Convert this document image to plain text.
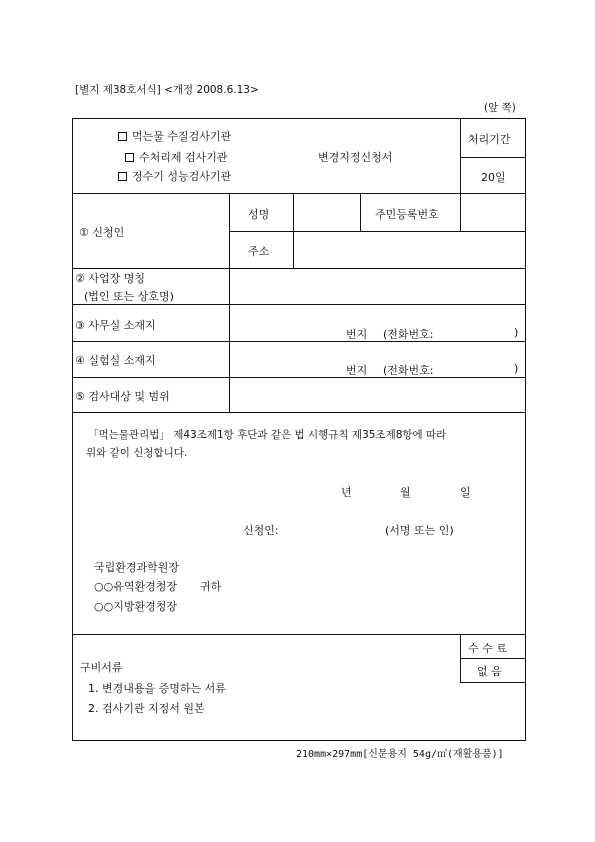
[별지 제38호서식] <개정 2008.6.13>
(앞 쪽)
먹는물 수질검사기관
수처리제 검사기관
정수기 성능검사기관
변경지정신청서
처리기간
20일
① 신청인
성명	주민등록번호
주소
② 사업장 명칭
(법인 또는 상호명)
③ 사무실 소재지
번지 (전화번호:	)
④ 실험실 소재지
번지 (전화번호:	)
⑤ 검사대상 및 범위
「먹는물관리법」 제43조제1항 후단과 같은 법 시행규칙 제35조제8항에 따라
위와 같이 신청합니다.
년	월	일
신청인:	(서명 또는 인)
국립환경과학원장
○○유역환경청장 귀하
○○지방환경청장
구비서류
1. 변경내용을 증명하는 서류
2. 검사기관 지정서 원본
수 수 료
없 음
210mm×297mm[신문용지 54g/㎡(재활용품)]
